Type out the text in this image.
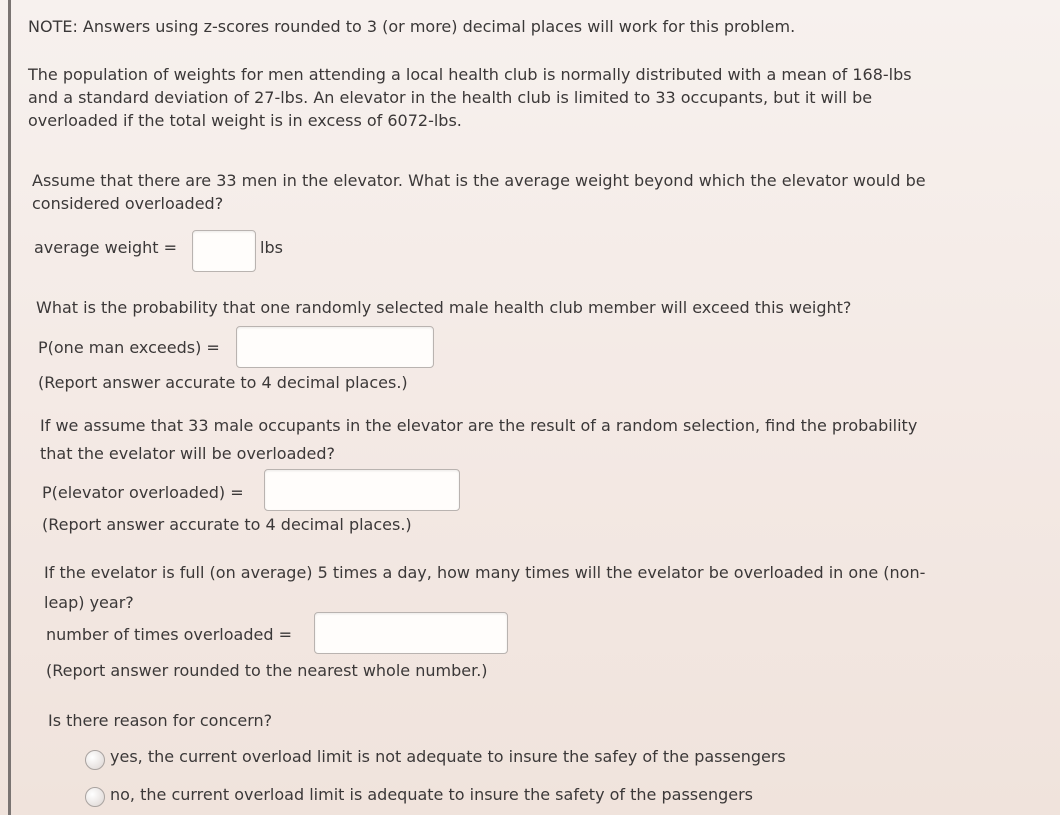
NOTE: Answers using z-scores rounded to 3 (or more) decimal places will work for this problem.
The population of weights for men attending a local health club is normally distributed with a mean of 168-lbs
and a standard deviation of 27-lbs. An elevator in the health club is limited to 33 occupants, but it will be
overloaded if the total weight is in excess of 6072-lbs.
Assume that there are 33 men in the elevator. What is the average weight beyond which the elevator would be
considered overloaded?
average weight =	lbs
What is the probability that one randomly selected male health club member will exceed this weight?
P(one man exceeds) =
(Report answer accurate to 4 decimal places.)
If we assume that 33 male occupants in the elevator are the result of a random selection, find the probability
that the evelator will be overloaded?
P(elevator overloaded) =
(Report answer accurate to 4 decimal places.)
If the evelator is full (on average) 5 times a day, how many times will the evelator be overloaded in one (non-
leap) year?
number of times overloaded =
(Report answer rounded to the nearest whole number.)
Is there reason for concern?
yes, the current overload limit is not adequate to insure the safey of the passengers
no, the current overload limit is adequate to insure the safety of the passengers
